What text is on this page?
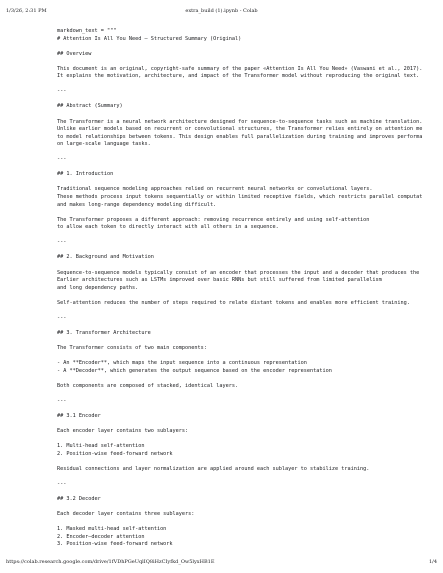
1/3/26, 2:31 PM	extra_build (1).ipynb - Colab
markdown_text = """
# Attention Is All You Need — Structured Summary (Original)
## Overview
This document is an original, copyright-safe summary of the paper «Attention Is All You Need» (Vaswani et al., 2017).
It explains the motivation, architecture, and impact of the Transformer model without reproducing the original text.
---
## Abstract (Summary)
The Transformer is a neural network architecture designed for sequence-to-sequence tasks such as machine translation.
Unlike earlier models based on recurrent or convolutional structures, the Transformer relies entirely on attention me
to model relationships between tokens. This design enables full parallelization during training and improves performa
on large-scale language tasks.
---
## 1. Introduction
Traditional sequence modeling approaches relied on recurrent neural networks or convolutional layers.
These methods process input tokens sequentially or within limited receptive fields, which restricts parallel computat
and makes long-range dependency modeling difficult.
The Transformer proposes a different approach: removing recurrence entirely and using self-attention
to allow each token to directly interact with all others in a sequence.
---
## 2. Background and Motivation
Sequence-to-sequence models typically consist of an encoder that processes the input and a decoder that produces the
Earlier architectures such as LSTMs improved over basic RNNs but still suffered from limited parallelism
and long dependency paths.
Self-attention reduces the number of steps required to relate distant tokens and enables more efficient training.
---
## 3. Transformer Architecture
The Transformer consists of two main components:
- An **Encoder**, which maps the input sequence into a continuous representation
- A **Decoder**, which generates the output sequence based on the encoder representation
Both components are composed of stacked, identical layers.
---
## 3.1 Encoder
Each encoder layer contains two sublayers:
1. Multi-head self-attention
2. Position-wise feed-forward network
Residual connections and layer normalization are applied around each sublayer to stabilize training.
---
## 3.2 Decoder
Each decoder layer contains three sublayers:
1. Masked multi-head self-attention
2. Encoder–decoder attention
3. Position-wise feed-forward network
https://colab.research.google.com/drive/1fVDhPGeUqlIQ8iHzCIyfkd_Ow5lyxHB1E	1/4
